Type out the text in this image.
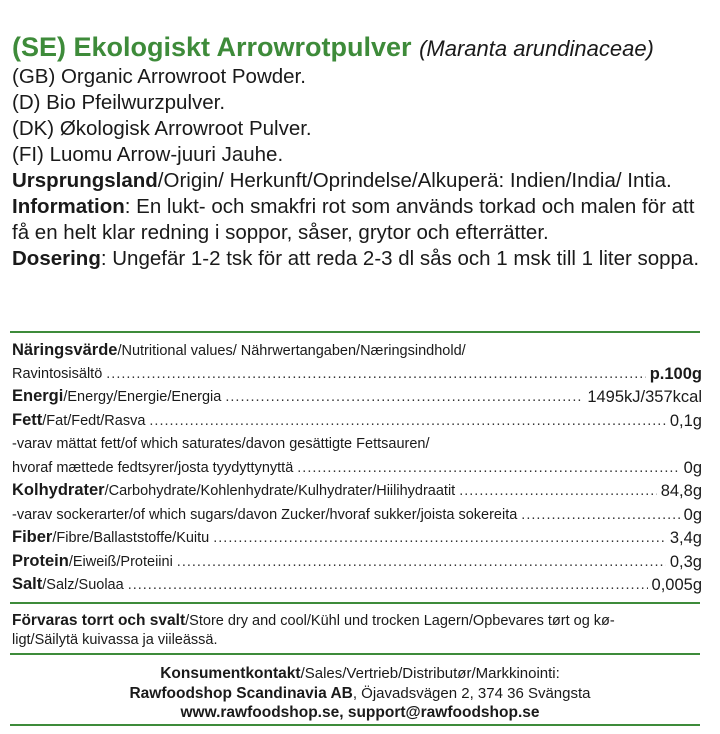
(SE) Ekologiskt Arrowrotpulver (Maranta arundinaceae)
(GB) Organic Arrowroot Powder.
(D) Bio Pfeilwurzpulver.
(DK) Økologisk Arrowroot Pulver.
(FI) Luomu Arrow-juuri Jauhe.
Ursprungsland/Origin/ Herkunft/Oprindelse/Alkuperä: Indien/India/ Intia.
Information: En lukt- och smakfri rot som används torkad och malen för att få en helt klar redning i soppor, såser, grytor och efterrätter.
Dosering: Ungefär 1-2 tsk för att reda 2-3 dl sås och 1 msk till 1 liter soppa.
Näringsvärde/Nutritional values/ Nährwertangaben/Næringsindhold/
Ravintosisältö .....	p.100g
Energi/Energy/Energie/Energia .....	1495kJ/357kcal
Fett/Fat/Fedt/Rasva .....	0,1g
-varav mättat fett/of which saturates/davon gesättigte Fettsauren/
hvoraf mættede fedtsyrer/josta tyydyttynyttä .....	0g
Kolhydrater/Carbohydrate/Kohlenhydrate/Kulhydrater/Hiilihydraatit .....	84,8g
-varav sockerarter/of which sugars/davon Zucker/hvoraf sukker/joista sokereita .....	0g
Fiber/Fibre/Ballaststoffe/Kuitu .....	3,4g
Protein/Eiweiß/Proteiini .....	0,3g
Salt/Salz/Suolaa .....	0,005g
Förvaras torrt och svalt/Store dry and cool/Kühl und trocken Lagern/Opbevares tørt og kø-
ligt/Säilytä kuivassa ja viileässä.
Konsumentkontakt/Sales/Vertrieb/Distributør/Markkinointi:
Rawfoodshop Scandinavia AB, Öjavadsvägen 2, 374 36 Svängsta
www.rawfoodshop.se, support@rawfoodshop.se
